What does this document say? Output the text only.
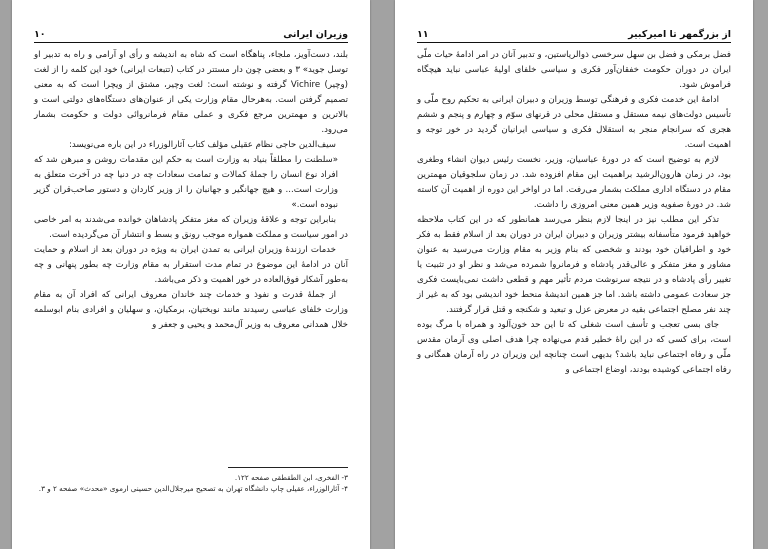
وزیران ایرانی
۱۰

بلند، دست‌آویز، ملجاء، پناهگاه است که شاه به اندیشه و رأی او آرامی و راه به تدبیر او توسل جوید» ۳ و بعضی چون دار مستتر در کتاب (تتبعات ایرانی) خود این کلمه را از لغت (وچیر) Vichire گرفته و نوشته است: لغت وچیر، مشتق از ویچرا است که به معنی تصمیم گرفتن است. به‌هرحال مقام وزارت یکی از عنوان‌های دستگاه‌های دولتی است و بالاترین و مهمترین مرجع فکری و عملی مقام فرمانروائی دولت و حکومت بشمار می‌رود.

سیف‌الدین حاجی نظام عقیلی مؤلف کتاب آثارالوزراء در این باره می‌نویسد:

«سلطنت را مطلقاً بنیاد به وزارت است به حکم این مقدمات روشن و مبرهن شد که افراد نوع انسان را جملهٔ کمالات و تمامت سعادات چه در دنیا چه در آخرت متعلق به وزارت است... و هیچ جهانگیر و جهانبان را از وزیر کاردان و دستور صاحب‌قران گزیر نبوده است.»

بنابراین توجه و علاقهٔ وزیران که مغز متفکر پادشاهان خوانده می‌شدند به امر خاصی در امور سیاست و مملکت همواره موجب رونق و بسط و انتشار آن می‌گردیده است.

خدمات ارزندهٔ وزیران ایرانی به تمدن ایران به ویژه در دوران بعد از اسلام و حمایت آنان در ادامهٔ این موضوع در تمام مدت استقرار به مقام وزارت چه بطور پنهانی و چه به‌طور آشکار فوق‌العاده در خور اهمیت و ذکر می‌باشد.

از جملهٔ قدرت و نفوذ و خدمات چند خاندان معروف ایرانی که افراد آن به مقام وزارت خلفای عباسی رسیدند مانند نوبختیان، برمکیان، و سهلیان و افرادی بنام ابوسلمه خلال همدانی معروف به وزیر آل‌محمد و یحیی و جعفر و

۳- الفخری، ابن الطقطقی صفحه ۱۲۲.
۴- آثارالوزراء، عقیلی چاپ دانشگاه تهران به تصحیح میرجلال‌الدین حسینی ارموی «محدث» صفحه ۲ و ۳.
از بزرگمهر تا امیرکبیر
۱۱

فضل برمکی و فضل بن سهل سرخسی ذوالریاستین، و تدبیر آنان در امر ادامهٔ حیات ملّی ایران در دوران حکومت خفقان‌آور فکری و سیاسی خلفای اولیهٔ عباسی نباید هیچگاه فراموش شود.

ادامهٔ این خدمت فکری و فرهنگی توسط وزیران و دبیران ایرانی به تحکیم روح ملّی و تأسیس دولت‌های نیمه مستقل و مستقل محلی در قرنهای سوّم و چهارم و پنجم و ششم هجری که سرانجام منجر به استقلال فکری و سیاسی ایرانیان گردید در خور توجه و اهمیت است.

لازم به توضیح است که در دورهٔ عباسیان، وزیر، نخست رئیس دیوان انشاء وطغری بود، در زمان هارون‌الرشید براهمیت این مقام افزوده شد. در زمان سلجوقیان مهمترین مقام در دستگاه اداری مملکت بشمار می‌رفت. اما در اواخر این دوره از اهمیت آن کاسته شد. در دورهٔ صفویه وزیر همین معنی امروزی را داشت.

تذکر این مطلب نیز در اینجا لازم بنظر می‌رسد همانطور که در این کتاب ملاحظه خواهید فرمود متأسفانه بیشتر وزیران و دبیران ایران در دوران بعد از اسلام فقط به فکر خود و اطرافیان خود بودند و شخصی که بنام وزیر به مقام وزارت می‌رسید به عنوان مشاور و مغز متفکر و عالی‌قدر پادشاه و فرمانروا شمرده می‌شد و نظر او در تثبیت یا تغییر رأی پادشاه و در نتیجه سرنوشت مردم تأثیر مهم و قطعی داشت نمی‌بایست فکری جز سعادت عمومی داشته باشد. اما جز همین اندیشهٔ منحط خود اندیشی بود که به غیر از چند نفر مصلح اجتماعی بقیه در معرض عزل و تبعید و شکنجه و قتل قرار گرفتند.

جای بسی تعجب و تأسف است شغلی که تا این حد خون‌آلود و همراه با مرگ بوده است، برای کسی که در این راهٔ خطیر قدم می‌نهاده چرا هدف اصلی وی آرمان مقدس ملّی و رفاه اجتماعی نباید باشد؟ بدیهی است چنانچه این وزیران در راه آرمان همگانی و رفاه اجتماعی کوشیده بودند، اوضاع اجتماعی و
